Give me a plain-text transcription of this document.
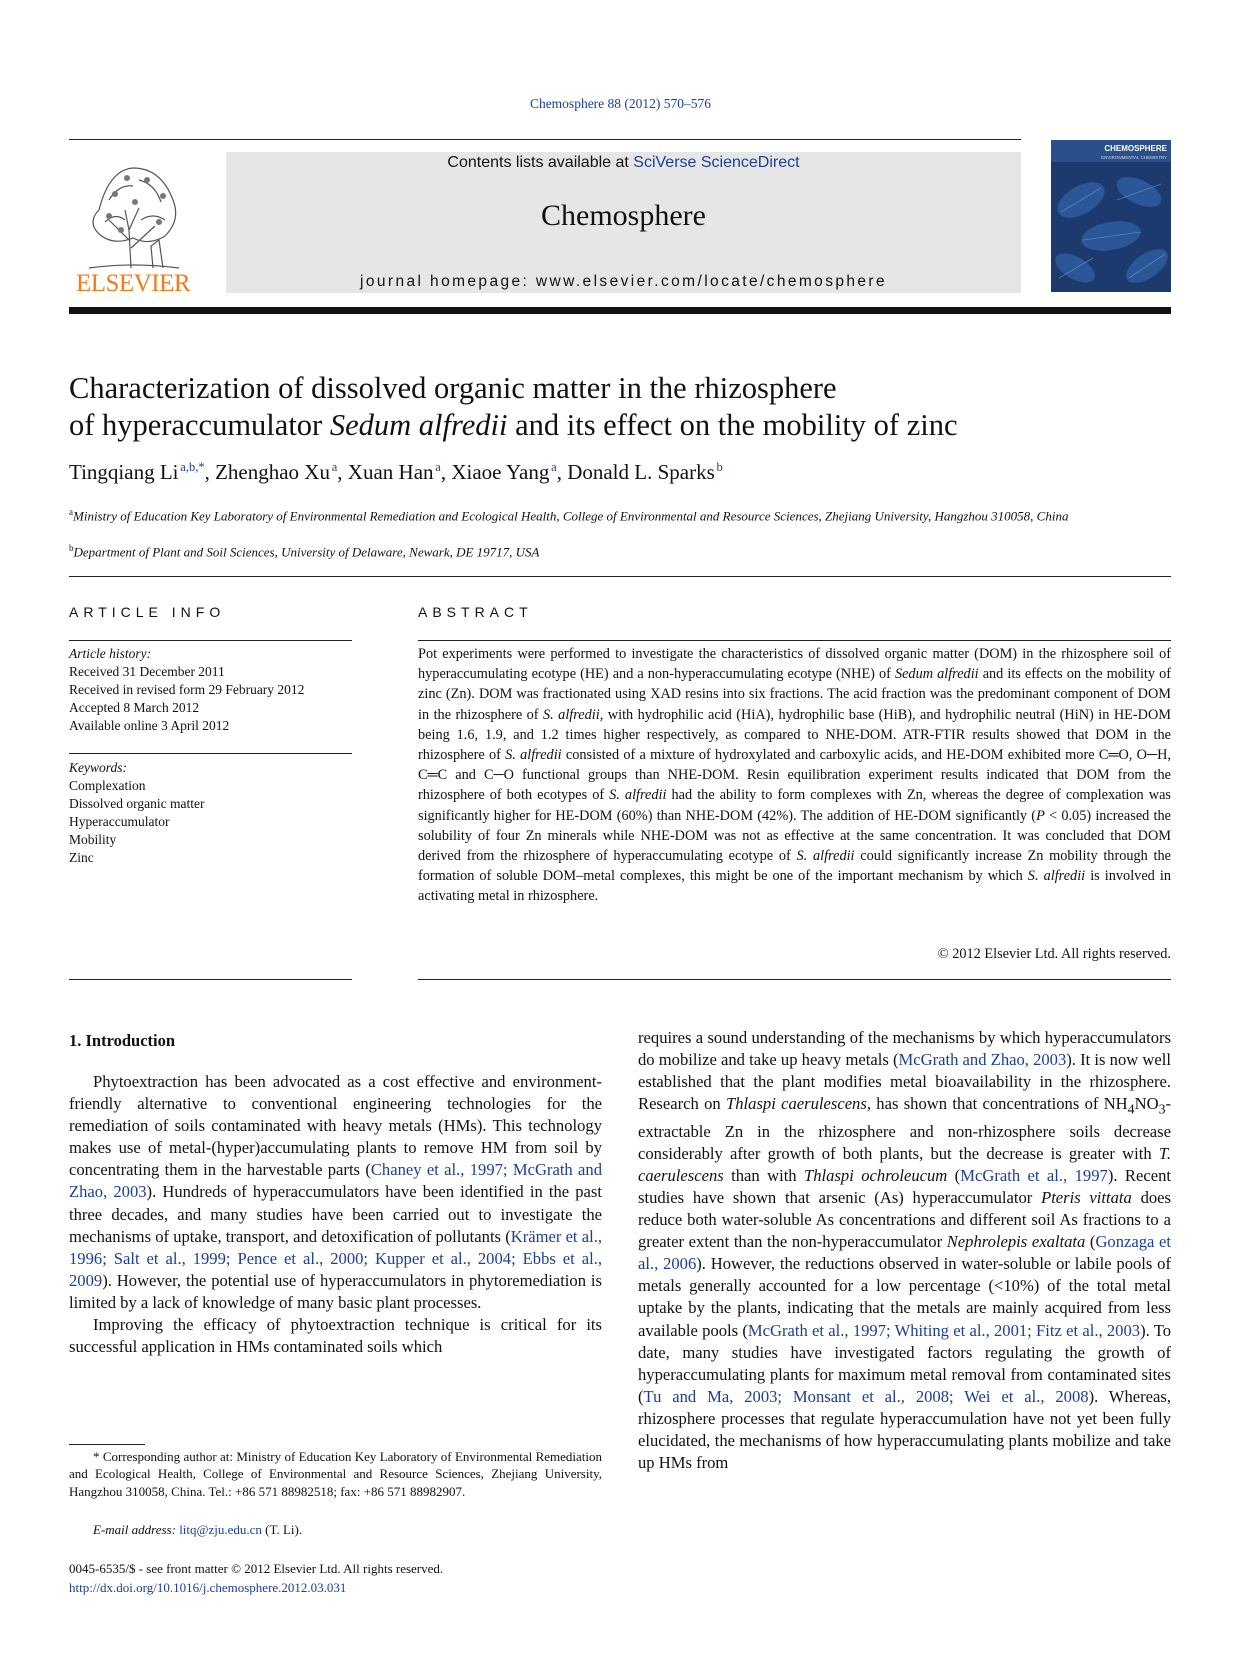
Chemosphere 88 (2012) 570–576
ELSEVIER
Contents lists available at SciVerse ScienceDirect
Chemosphere
journal homepage: www.elsevier.com/locate/chemosphere
CHEMOSPHERE
ENVIRONMENTAL CHEMISTRY
Characterization of dissolved organic matter in the rhizosphere
of hyperaccumulator Sedum alfredii and its effect on the mobility of zinc
Tingqiang Li  $^{a,b,*}$, Zhenghao Xu  $^a$, Xuan Han  $^a$, Xiaoe Yang  $^a$, Donald L. Sparks  $^b$
$^a$Ministry of Education Key Laboratory of Environmental Remediation and Ecological Health, College of Environmental and Resource Sciences, Zhejiang University, Hangzhou 310058, China
$^b$Department of Plant and Soil Sciences, University of Delaware, Newark, DE 19717, USA
ARTICLE INFO
Article history:
Received 31 December 2011
Received in revised form 29 February 2012
Accepted 8 March 2012
Available online 3 April 2012
Keywords:
Complexation
Dissolved organic matter
Hyperaccumulator
Mobility
Zinc
ABSTRACT
Pot experiments were performed to investigate the characteristics of dissolved organic matter (DOM) in the rhizosphere soil of hyperaccumulating ecotype (HE) and a non-hyperaccumulating ecotype (NHE) of Sedum alfredii and its effects on the mobility of zinc (Zn). DOM was fractionated using XAD resins into six fractions. The acid fraction was the predominant component of DOM in the rhizosphere of S. alfredii, with hydrophilic acid (HiA), hydrophilic base (HiB), and hydrophilic neutral (HiN) in HE-DOM being 1.6, 1.9, and 1.2 times higher respectively, as compared to NHE-DOM. ATR-FTIR results showed that DOM in the rhizosphere of S. alfredii consisted of a mixture of hydroxylated and carboxylic acids, and HE-DOM exhibited more C═O, O─H, C═C and C─O functional groups than NHE-DOM. Resin equilibration experiment results indicated that DOM from the rhizosphere of both ecotypes of S. alfredii had the ability to form complexes with Zn, whereas the degree of complexation was significantly higher for HE-DOM (60%) than NHE-DOM (42%). The addition of HE-DOM significantly (P < 0.05) increased the solubility of four Zn minerals while NHE-DOM was not as effective at the same concentration. It was concluded that DOM derived from the rhizosphere of hyperaccumulating ecotype of S. alfredii could significantly increase Zn mobility through the formation of soluble DOM–metal complexes, this might be one of the important mechanism by which S. alfredii is involved in activating metal in rhizosphere.
© 2012 Elsevier Ltd. All rights reserved.
1. Introduction

Phytoextraction has been advocated as a cost effective and environment-friendly alternative to conventional engineering technologies for the remediation of soils contaminated with heavy metals (HMs). This technology makes use of metal-(hyper)accumulating plants to remove HM from soil by concentrating them in the harvestable parts (Chaney et al., 1997; McGrath and Zhao, 2003). Hundreds of hyperaccumulators have been identified in the past three decades, and many studies have been carried out to investigate the mechanisms of uptake, transport, and detoxification of pollutants (Krämer et al., 1996; Salt et al., 1999; Pence et al., 2000; Kupper et al., 2004; Ebbs et al., 2009). However, the potential use of hyperaccumulators in phytoremediation is limited by a lack of knowledge of many basic plant processes.

Improving the efficacy of phytoextraction technique is critical for its successful application in HMs contaminated soils which

requires a sound understanding of the mechanisms by which hyperaccumulators do mobilize and take up heavy metals (McGrath and Zhao, 2003). It is now well established that the plant modifies metal bioavailability in the rhizosphere. Research on Thlaspi caerulescens, has shown that concentrations of $NH_4NO_3$-extractable Zn in the rhizosphere and non-rhizosphere soils decrease considerably after growth of both plants, but the decrease is greater with T. caerulescens than with Thlaspi ochroleucum (McGrath et al., 1997). Recent studies have shown that arsenic (As) hyperaccumulator Pteris vittata does reduce both water-soluble As concentrations and different soil As fractions to a greater extent than the non-hyperaccumulator Nephrolepis exaltata (Gonzaga et al., 2006). However, the reductions observed in water-soluble or labile pools of metals generally accounted for a low percentage (<10%) of the total metal uptake by the plants, indicating that the metals are mainly acquired from less available pools (McGrath et al., 1997; Whiting et al., 2001; Fitz et al., 2003). To date, many studies have investigated factors regulating the growth of hyperaccumulating plants for maximum metal removal from contaminated sites (Tu and Ma, 2003; Monsant et al., 2008; Wei et al., 2008). Whereas, rhizosphere processes that regulate hyperaccumulation have not yet been fully elucidated, the mechanisms of how hyperaccumulating plants mobilize and take up HMs from

* Corresponding author at: Ministry of Education Key Laboratory of Environmental Remediation and Ecological Health, College of Environmental and Resource Sciences, Zhejiang University, Hangzhou 310058, China. Tel.: +86 571 88982518; fax: +86 571 88982907.
E-mail address: litq@zju.edu.cn (T. Li).
0045-6535/$ - see front matter © 2012 Elsevier Ltd. All rights reserved.
http://dx.doi.org/10.1016/j.chemosphere.2012.03.031
